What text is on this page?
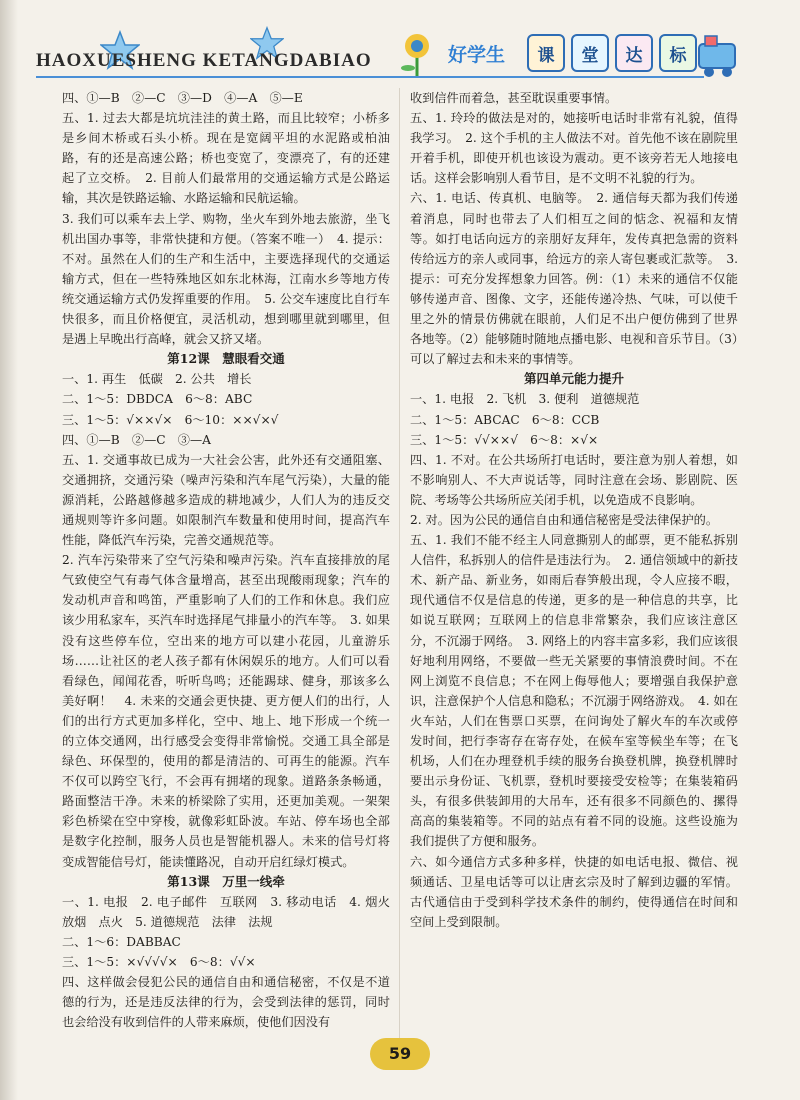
HAOXUESHENG KETANGDABIAO	好学生	课	堂	达	标

四、①—B　②—C　③—D　④—A　⑤—E

五、1. 过去大都是坑坑洼洼的黄土路，而且比较窄；小桥多是乡间木桥或石头小桥。现在是宽阔平坦的水泥路或柏油路，有的还是高速公路；桥也变宽了，变漂亮了，有的还建起了立交桥。　2. 目前人们最常用的交通运输方式是公路运输，其次是铁路运输、水路运输和民航运输。

3. 我们可以乘车去上学、购物，坐火车到外地去旅游，坐飞机出国办事等，非常快捷和方便。（答案不唯一）　4. 提示：不对。虽然在人们的生产和生活中，主要选择现代的交通运输方式，但在一些特殊地区如东北林海，江南水乡等地方传统交通运输方式仍发挥重要的作用。　5. 公交车速度比自行车快很多，而且价格便宜，灵活机动，想到哪里就到哪里，但是遇上早晚出行高峰，就会又挤又堵。

第12课　慧眼看交通

一、1. 再生　低碳　2. 公共　增长

二、1～5：DBDCA　6～8：ABC

三、1～5：√××√×　6～10：××√×√

四、①—B　②—C　③—A

五、1. 交通事故已成为一大社会公害，此外还有交通阻塞、交通拥挤，交通污染（噪声污染和汽车尾气污染），大量的能源消耗，公路越修越多造成的耕地减少，人们人为的违反交通规则等许多问题。如限制汽车数量和使用时间，提高汽车性能，降低汽车污染，完善交通规范等。

2. 汽车污染带来了空气污染和噪声污染。汽车直接排放的尾气致使空气有毒气体含量增高，甚至出现酸雨现象；汽车的发动机声音和鸣笛，严重影响了人们的工作和休息。我们应该少用私家车，买汽车时选择尾气排量小的汽车等。　3. 如果没有这些停车位，空出来的地方可以建小花园，儿童游乐场……让社区的老人孩子都有休闲娱乐的地方。人们可以看看绿色，闻闻花香，听听鸟鸣；还能踢球、健身，那该多么美好啊！　4. 未来的交通会更快捷、更方便人们的出行，人们的出行方式更加多样化，空中、地上、地下形成一个统一的立体交通网，出行感受会变得非常愉悦。交通工具全部是绿色、环保型的，使用的都是清洁的、可再生的能源。汽车不仅可以跨空飞行，不会再有拥堵的现象。道路条条畅通，路面整洁干净。未来的桥梁除了实用，还更加美观。一架架彩色桥梁在空中穿梭，就像彩虹卧波。车站、停车场也全部是数字化控制，服务人员也是智能机器人。未来的信号灯将变成智能信号灯，能读懂路况，自动开启红绿灯模式。

第13课　万里一线牵

一、1. 电报　2. 电子邮件　互联网　3. 移动电话　4. 烟火　放烟　点火　5. 道德规范　法律　法规

二、1～6：DABBAC

三、1～5：×√√√√×　6～8：√√×

四、这样做会侵犯公民的通信自由和通信秘密，不仅是不道德的行为，还是违反法律的行为，会受到法律的惩罚，同时也会给没有收到信件的人带来麻烦，使他们因没有

收到信件而着急，甚至耽误重要事情。

五、1. 玲玲的做法是对的，她接听电话时非常有礼貌，值得我学习。　2. 这个手机的主人做法不对。首先他不该在剧院里开着手机，即使开机也该设为震动。更不该旁若无人地接电话。这样会影响别人看节目，是不文明不礼貌的行为。

六、1. 电话、传真机、电脑等。　2. 通信每天都为我们传递着消息，同时也带去了人们相互之间的惦念、祝福和友情等。如打电话向远方的亲朋好友拜年，发传真把急需的资料传给远方的亲人或同事，给远方的亲人寄包裹或汇款等。　3. 提示：可充分发挥想象力回答。例：（1）未来的通信不仅能够传递声音、图像、文字，还能传递冷热、气味，可以使千里之外的情景仿佛就在眼前，人们足不出户便仿佛到了世界各地等。（2）能够随时随地点播电影、电视和音乐节目。（3）可以了解过去和未来的事情等。

第四单元能力提升

一、1. 电报　2. 飞机　3. 便利　道德规范

二、1～5：ABCAC　6～8：CCB

三、1～5：√√××√　6～8：×√×

四、1. 不对。在公共场所打电话时，要注意为别人着想，如不影响别人、不大声说话等，同时注意在会场、影剧院、医院、考场等公共场所应关闭手机，以免造成不良影响。

2. 对。因为公民的通信自由和通信秘密是受法律保护的。

五、1. 我们不能不经主人同意撕别人的邮票，更不能私拆别人信件，私拆别人的信件是违法行为。　2. 通信领域中的新技术、新产品、新业务，如雨后春笋般出现，令人应接不暇，现代通信不仅是信息的传递，更多的是一种信息的共享，比如说互联网；互联网上的信息非常繁杂，我们应该注意区分，不沉溺于网络。　3. 网络上的内容丰富多彩，我们应该很好地利用网络，不要做一些无关紧要的事情浪费时间。不在网上浏览不良信息；不在网上侮辱他人；要增强自我保护意识，注意保护个人信息和隐私；不沉溺于网络游戏。　4. 如在火车站，人们在售票口买票，在问询处了解火车的车次或停发时间，把行李寄存在寄存处，在候车室等候坐车等；在飞机场，人们在办理登机手续的服务台换登机牌，换登机牌时要出示身份证、飞机票，登机时要接受安检等；在集装箱码头，有很多供装卸用的大吊车，还有很多不同颜色的、摞得高高的集装箱等。不同的站点有着不同的设施。这些设施为我们提供了方便和服务。

六、如今通信方式多种多样，快捷的如电话电报、微信、视频通话、卫星电话等可以让唐玄宗及时了解到边疆的军情。古代通信由于受到科学技术条件的制约，使得通信在时间和空间上受到限制。

59
